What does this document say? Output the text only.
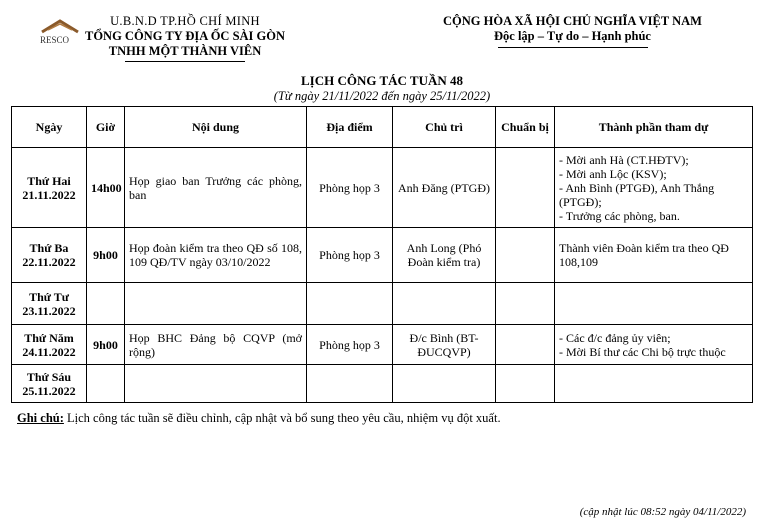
RESCO
U.B.N.D TP.HỒ CHÍ MINH
TỔNG CÔNG TY ĐỊA ỐC SÀI GÒN
TNHH MỘT THÀNH VIÊN
CỘNG HÒA XÃ HỘI CHỦ NGHĨA VIỆT NAM
Độc lập – Tự do – Hạnh phúc
LỊCH CÔNG TÁC TUẦN 48
(Từ ngày 21/11/2022 đến ngày 25/11/2022)
Ngày	Giờ	Nội dung	Địa điểm	Chủ trì	Chuẩn bị	Thành phần tham dự

Thứ Hai
21.11.2022	14h00	Họp giao ban Trưởng các phòng, ban	Phòng họp 3	Anh Đăng (PTGĐ)		- Mời anh Hà (CT.HĐTV);
- Mời anh Lộc (KSV);
- Anh Bình (PTGĐ), Anh Thắng (PTGĐ);
- Trưởng các phòng, ban.

Thứ Ba
22.11.2022	9h00	Họp đoàn kiểm tra theo QĐ số 108, 109 QĐ/TV ngày 03/10/2022	Phòng họp 3	Anh Long (Phó Đoàn kiểm tra)		Thành viên Đoàn kiểm tra theo QĐ 108,109

Thứ Tư
23.11.2022						

Thứ Năm
24.11.2022	9h00	Họp BHC Đảng bộ CQVP (mở rộng)	Phòng họp 3	Đ/c Bình (BT- ĐUCQVP)		- Các đ/c đảng ủy viên;
- Mời Bí thư các Chi bộ trực thuộc

Thứ Sáu
25.11.2022						

Ghi chú: Lịch công tác tuần sẽ điều chỉnh, cập nhật và bổ sung theo yêu cầu, nhiệm vụ đột xuất.
(cập nhật lúc 08:52 ngày 04/11/2022)
